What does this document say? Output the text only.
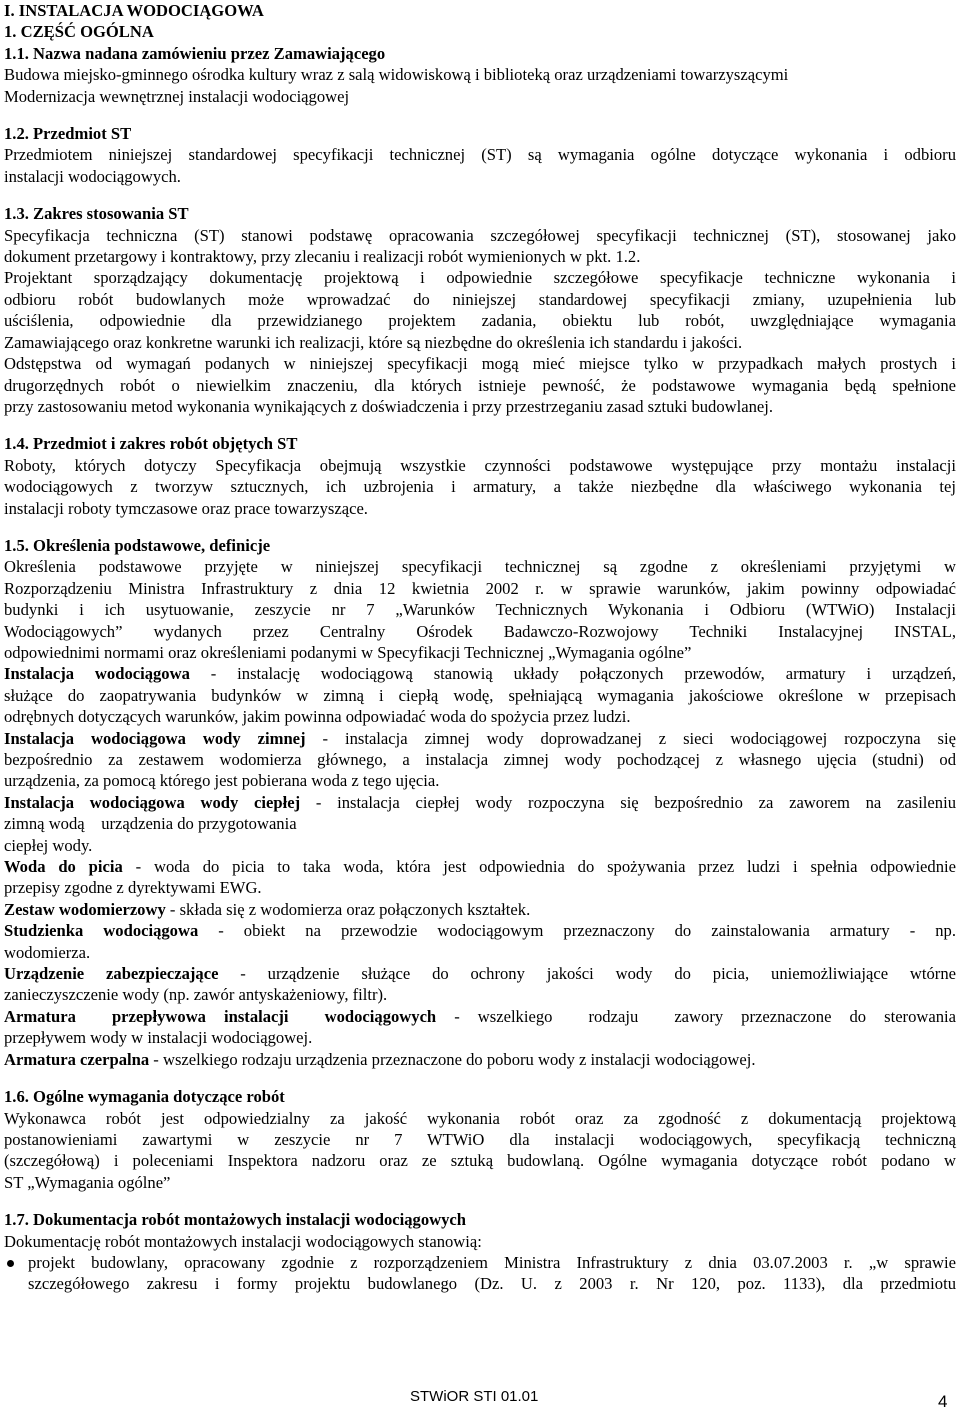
I. INSTALACJA WODOCIĄGOWA
1. CZĘŚĆ OGÓLNA
1.1. Nazwa nadana zamówieniu przez Zamawiającego
Budowa miejsko-gminnego ośrodka kultury wraz z salą widowiskową i biblioteką oraz urządzeniami towarzyszącymi
Modernizacja wewnętrznej instalacji wodociągowej
1.2. Przedmiot ST
Przedmiotem niniejszej standardowej specyfikacji technicznej (ST) są wymagania ogólne dotyczące wykonania i odbioru
instalacji wodociągowych.
1.3. Zakres stosowania ST
Specyfikacja techniczna (ST) stanowi podstawę opracowania szczegółowej specyfikacji technicznej (ST), stosowanej jako
dokument przetargowy i kontraktowy, przy zlecaniu i realizacji robót wymienionych w pkt. 1.2.
Projektant sporządzający dokumentację projektową i odpowiednie szczegółowe specyfikacje techniczne wykonania i
odbioru robót budowlanych może wprowadzać do niniejszej standardowej specyfikacji zmiany, uzupełnienia lub
uściślenia, odpowiednie dla przewidzianego projektem zadania, obiektu lub robót, uwzględniające wymagania
Zamawiającego oraz konkretne warunki ich realizacji, które są niezbędne do określenia ich standardu i jakości.
Odstępstwa od wymagań podanych w niniejszej specyfikacji mogą mieć miejsce tylko w przypadkach małych prostych i
drugorzędnych robót o niewielkim znaczeniu, dla których istnieje pewność, że podstawowe wymagania będą spełnione
przy zastosowaniu metod wykonania wynikających z doświadczenia i przy przestrzeganiu zasad sztuki budowlanej.
1.4. Przedmiot i zakres robót objętych ST
Roboty, których dotyczy Specyfikacja obejmują wszystkie czynności podstawowe występujące przy montażu instalacji
wodociągowych z tworzyw sztucznych, ich uzbrojenia i armatury, a także niezbędne dla właściwego wykonania tej
instalacji roboty tymczasowe oraz prace towarzyszące.
1.5. Określenia podstawowe, definicje
Określenia podstawowe przyjęte w niniejszej specyfikacji technicznej są zgodne z określeniami przyjętymi w
Rozporządzeniu Ministra Infrastruktury z dnia 12 kwietnia 2002 r. w sprawie warunków, jakim powinny odpowiadać
budynki i ich usytuowanie, zeszycie nr 7 „Warunków Technicznych Wykonania i Odbioru (WTWiO) Instalacji
Wodociągowych” wydanych przez Centralny Ośrodek Badawczo-Rozwojowy Techniki Instalacyjnej INSTAL,
odpowiednimi normami oraz określeniami podanymi w Specyfikacji Technicznej „Wymagania ogólne”
Instalacja wodociągowa - instalację wodociągową stanowią układy połączonych przewodów, armatury i urządzeń,
służące do zaopatrywania budynków w zimną i ciepłą wodę, spełniającą wymagania jakościowe określone w przepisach
odrębnych dotyczących warunków, jakim powinna odpowiadać woda do spożycia przez ludzi.
Instalacja wodociągowa wody zimnej - instalacja zimnej wody doprowadzanej z sieci wodociągowej rozpoczyna się
bezpośrednio za zestawem wodomierza głównego, a instalacja zimnej wody pochodzącej z własnego ujęcia (studni) od
urządzenia, za pomocą którego jest pobierana woda z tego ujęcia.
Instalacja wodociągowa wody ciepłej - instalacja ciepłej wody rozpoczyna się bezpośrednio za zaworem na zasileniu
zimną wodą    urządzenia do przygotowania
ciepłej wody.
Woda do picia - woda do picia to taka woda, która jest odpowiednia do spożywania przez ludzi i spełnia odpowiednie
przepisy zgodne z dyrektywami EWG.
Zestaw wodomierzowy - składa się z wodomierza oraz połączonych kształtek.
Studzienka wodociągowa - obiekt na przewodzie wodociągowym przeznaczony do zainstalowania armatury - np.
wodomierza.
Urządzenie zabezpieczające - urządzenie służące do ochrony jakości wody do picia, uniemożliwiające wtórne
zanieczyszczenie wody (np. zawór antyskażeniowy, filtr).
Armatura  przepływowa instalacji  wodociągowych - wszelkiego  rodzaju  zawory przeznaczone do sterowania
przepływem wody w instalacji wodociągowej.
Armatura czerpalna - wszelkiego rodzaju urządzenia przeznaczone do poboru wody z instalacji wodociągowej.
1.6. Ogólne wymagania dotyczące robót
Wykonawca robót jest odpowiedzialny za jakość wykonania robót oraz za zgodność z dokumentacją projektową
postanowieniami zawartymi w zeszycie nr 7 WTWiO dla instalacji wodociągowych, specyfikacją techniczną
(szczegółową) i poleceniami Inspektora nadzoru oraz ze sztuką budowlaną. Ogólne wymagania dotyczące robót podano w
ST „Wymagania ogólne”
1.7. Dokumentacja robót montażowych instalacji wodociągowych
Dokumentację robót montażowych instalacji wodociągowych stanowią:
projekt budowlany, opracowany zgodnie z rozporządzeniem Ministra Infrastruktury z dnia 03.07.2003 r. „w sprawie
szczegółowego zakresu i formy projektu budowlanego (Dz. U. z 2003 r. Nr 120, poz. 1133), dla przedmiotu
STWiOR STI 01.01	4
